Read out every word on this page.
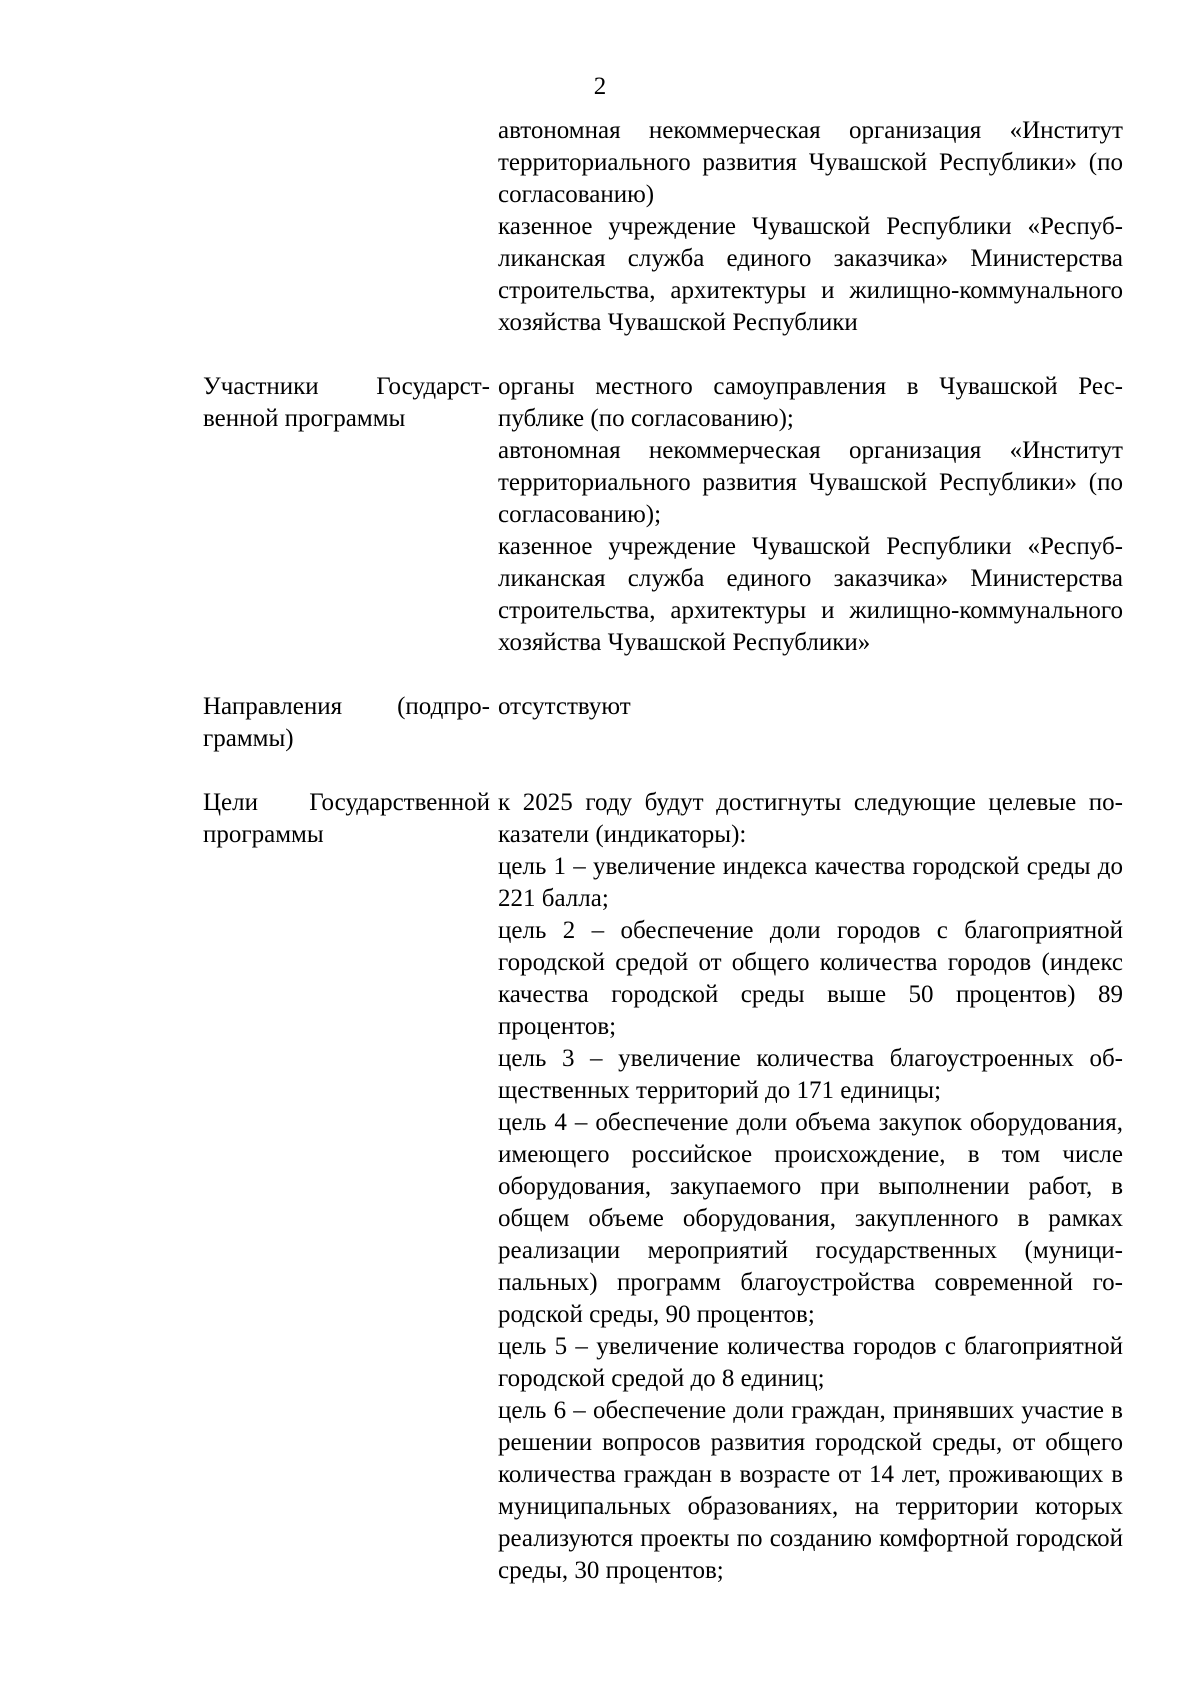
2
автономная некоммерческая организация «Институт территориального развития Чувашской Республики» (по согласованию)
казенное учреждение Чувашской Республики «Республиканская служба единого заказчика» Министерства строительства, архитектуры и жилищно-коммунального хозяйства Чувашской Республики
Участники Государст-
венной программы
органы местного самоуправления в Чувашской Республике (по согласованию);
автономная некоммерческая организация «Институт территориального развития Чувашской Республики» (по согласованию);
казенное учреждение Чувашской Республики «Республиканская служба единого заказчика» Министерства строительства, архитектуры и жилищно-коммунального хозяйства Чувашской Республики»
Направления (подпро-
граммы)
отсутствуют
Цели Государственной
программы
к 2025 году будут достигнуты следующие целевые показатели (индикаторы):
цель 1 – увеличение индекса качества городской среды до 221 балла;
цель 2 – обеспечение доли городов с благоприятной городской средой от общего количества городов (индекс качества городской среды выше 50 процентов) 89 процентов;
цель 3 – увеличение количества благоустроенных общественных территорий до 171 единицы;
цель 4 – обеспечение доли объема закупок оборудования, имеющего российское происхождение, в том числе оборудования, закупаемого при выполнении работ, в общем объеме оборудования, закупленного в рамках реализации мероприятий государственных (муниципальных) программ благоустройства современной городской среды, 90 процентов;
цель 5 – увеличение количества городов с благоприятной городской средой до 8 единиц;
цель 6 – обеспечение доли граждан, принявших участие в решении вопросов развития городской среды, от общего количества граждан в возрасте от 14 лет, проживающих в муниципальных образованиях, на территории которых реализуются проекты по созданию комфортной городской среды, 30 процентов;
